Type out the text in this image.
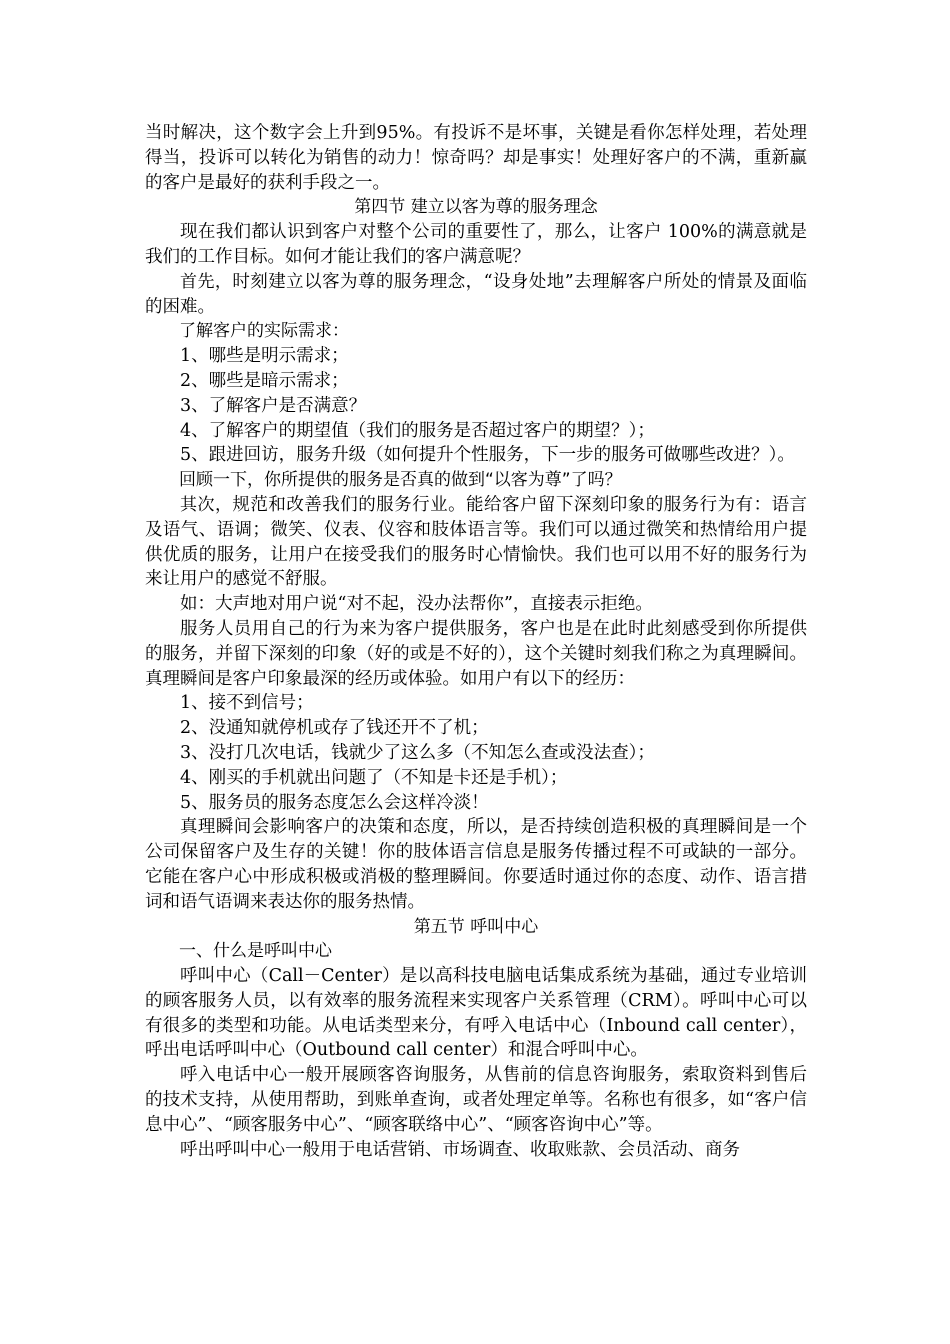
当时解决，这个数字会上升到95%。有投诉不是坏事，关键是看你怎样处理，若处理得当，投诉可以转化为销售的动力！惊奇吗？却是事实！处理好客户的不满，重新赢的客户是最好的获利手段之一。

第四节 建立以客为尊的服务理念

现在我们都认识到客户对整个公司的重要性了，那么，让客户 100%的满意就是我们的工作目标。如何才能让我们的客户满意呢？

首先，时刻建立以客为尊的服务理念，“设身处地”去理解客户所处的情景及面临的困难。

了解客户的实际需求：

1、哪些是明示需求；

2、哪些是暗示需求；

3、了解客户是否满意？

4、了解客户的期望值（我们的服务是否超过客户的期望？）；

5、跟进回访，服务升级（如何提升个性服务，下一步的服务可做哪些改进？）。

回顾一下，你所提供的服务是否真的做到“以客为尊”了吗？

其次，规范和改善我们的服务行业。能给客户留下深刻印象的服务行为有：语言及语气、语调；微笑、仪表、仪容和肢体语言等。我们可以通过微笑和热情给用户提供优质的服务，让用户在接受我们的服务时心情愉快。我们也可以用不好的服务行为来让用户的感觉不舒服。

如：大声地对用户说“对不起，没办法帮你”，直接表示拒绝。

服务人员用自己的行为来为客户提供服务，客户也是在此时此刻感受到你所提供的服务，并留下深刻的印象（好的或是不好的），这个关键时刻我们称之为真理瞬间。真理瞬间是客户印象最深的经历或体验。如用户有以下的经历：

1、接不到信号；

2、没通知就停机或存了钱还开不了机；

3、没打几次电话，钱就少了这么多（不知怎么查或没法查）；

4、刚买的手机就出问题了（不知是卡还是手机）；

5、服务员的服务态度怎么会这样冷淡！

真理瞬间会影响客户的决策和态度，所以，是否持续创造积极的真理瞬间是一个公司保留客户及生存的关键！你的肢体语言信息是服务传播过程不可或缺的一部分。它能在客户心中形成积极或消极的整理瞬间。你要适时通过你的态度、动作、语言措词和语气语调来表达你的服务热情。

第五节 呼叫中心

一、什么是呼叫中心

呼叫中心（Call－Center）是以高科技电脑电话集成系统为基础，通过专业培训的顾客服务人员，以有效率的服务流程来实现客户关系管理（CRM）。呼叫中心可以有很多的类型和功能。从电话类型来分，有呼入电话中心（Inbound call center），呼出电话呼叫中心（Outbound call center）和混合呼叫中心。

呼入电话中心一般开展顾客咨询服务，从售前的信息咨询服务，索取资料到售后的技术支持，从使用帮助，到账单查询，或者处理定单等。名称也有很多，如“客户信息中心”、“顾客服务中心”、“顾客联络中心”、“顾客咨询中心”等。

呼出呼叫中心一般用于电话营销、市场调查、收取账款、会员活动、商务
